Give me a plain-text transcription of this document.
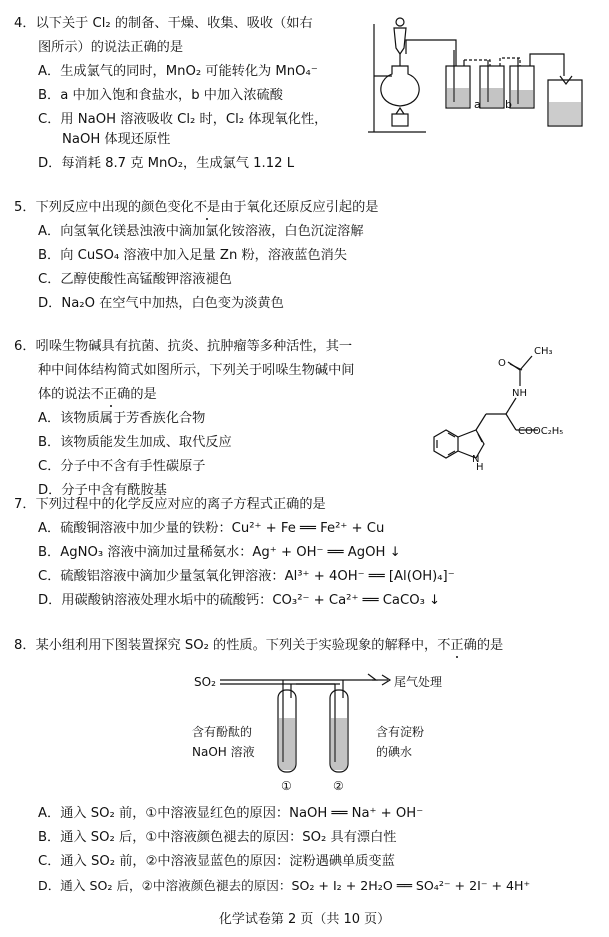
4．以下关于 Cl₂ 的制备、干燥、收集、吸收（如右
图所示）的说法正确的是
A．生成氯气的同时，MnO₂ 可能转化为 MnO₄⁻
B．a 中加入饱和食盐水，b 中加入浓硫酸
C．用 NaOH 溶液吸收 Cl₂ 时，Cl₂ 体现氧化性，
NaOH 体现还原性
D．每消耗 8.7 克 MnO₂，生成氯气 1.12 L
a b
5．下列反应中出现的颜色变化不是由于氧化还原反应引起的是
A．向氢氧化镁悬浊液中滴加氯化铵溶液，白色沉淀溶解
B．向 CuSO₄ 溶液中加入足量 Zn 粉，溶液蓝色消失
C．乙醇使酸性高锰酸钾溶液褪色
D．Na₂O 在空气中加热，白色变为淡黄色
6．吲哚生物碱具有抗菌、抗炎、抗肿瘤等多种活性，其一
种中间体结构简式如图所示，下列关于吲哚生物碱中间
体的说法不正确的是
A．该物质属于芳香族化合物
B．该物质能发生加成、取代反应
C．分子中不含有手性碳原子
D．分子中含有酰胺基
CH₃
O
NH
COOC₂H₅
H
N
7．下列过程中的化学反应对应的离子方程式正确的是
A．硫酸铜溶液中加少量的铁粉：Cu²⁺ + Fe ══ Fe²⁺ + Cu
B．AgNO₃ 溶液中滴加过量稀氨水：Ag⁺ + OH⁻ ══ AgOH ↓
C．硫酸铝溶液中滴加少量氢氧化钾溶液：Al³⁺ + 4OH⁻ ══ [Al(OH)₄]⁻
D．用碳酸钠溶液处理水垢中的硫酸钙：CO₃²⁻ + Ca²⁺ ══ CaCO₃ ↓
8．某小组利用下图装置探究 SO₂ 的性质。下列关于实验现象的解释中，不正确的是
SO₂	尾气处理
含有酚酞的
NaOH 溶液
含有淀粉
的碘水
①	②
A．通入 SO₂ 前，①中溶液显红色的原因：NaOH ══ Na⁺ + OH⁻
B．通入 SO₂ 后，①中溶液颜色褪去的原因：SO₂ 具有漂白性
C．通入 SO₂ 前，②中溶液显蓝色的原因：淀粉遇碘单质变蓝
D．通入 SO₂ 后，②中溶液颜色褪去的原因：SO₂ + I₂ + 2H₂O ══ SO₄²⁻ + 2I⁻ + 4H⁺
化学试卷第 2 页（共 10 页）
